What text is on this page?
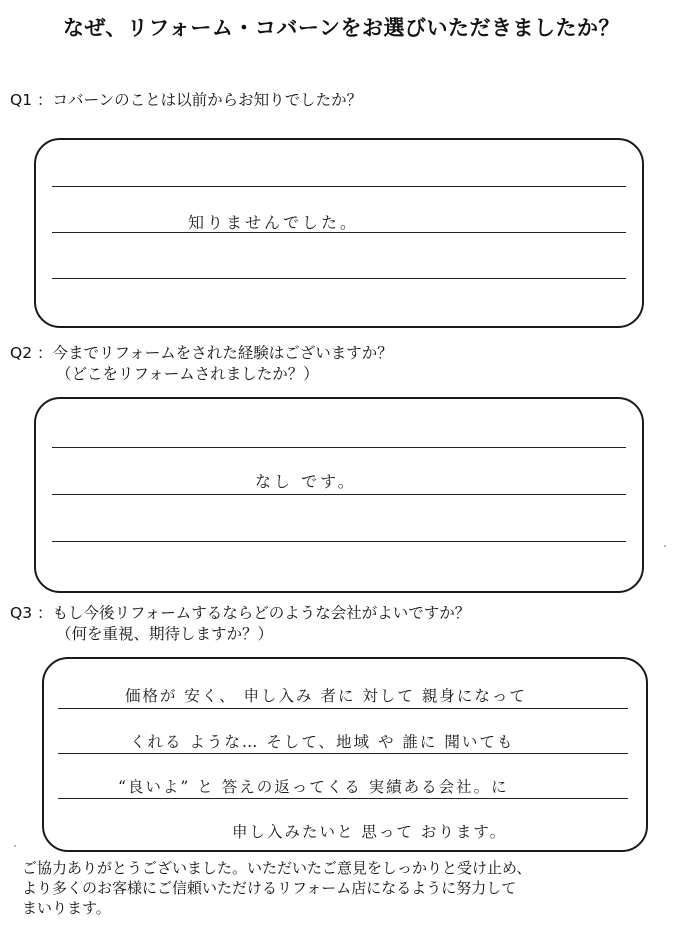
なぜ、リフォーム・コバーンをお選びいただきましたか？
Q1 ：コバーンのことは以前からお知りでしたか？
知りませんでした。
Q2 ：今までリフォームをされた経験はございますか？
（どこをリフォームされましたか？）
なし です。
Q3 ：もし今後リフォームするならどのような会社がよいですか？
（何を重視、期待しますか？）
価格が 安く、 申し入み 者に 対して 親身になって
くれる ような… そして、地域 や 誰に 聞いても
“良いよ” と 答えの返ってくる 実績ある会社。に
申し入みたいと 思って おります。
ご協力ありがとうございました。いただいたご意見をしっかりと受け止め、
より多くのお客様にご信頼いただけるリフォーム店になるように努力して
まいります。
